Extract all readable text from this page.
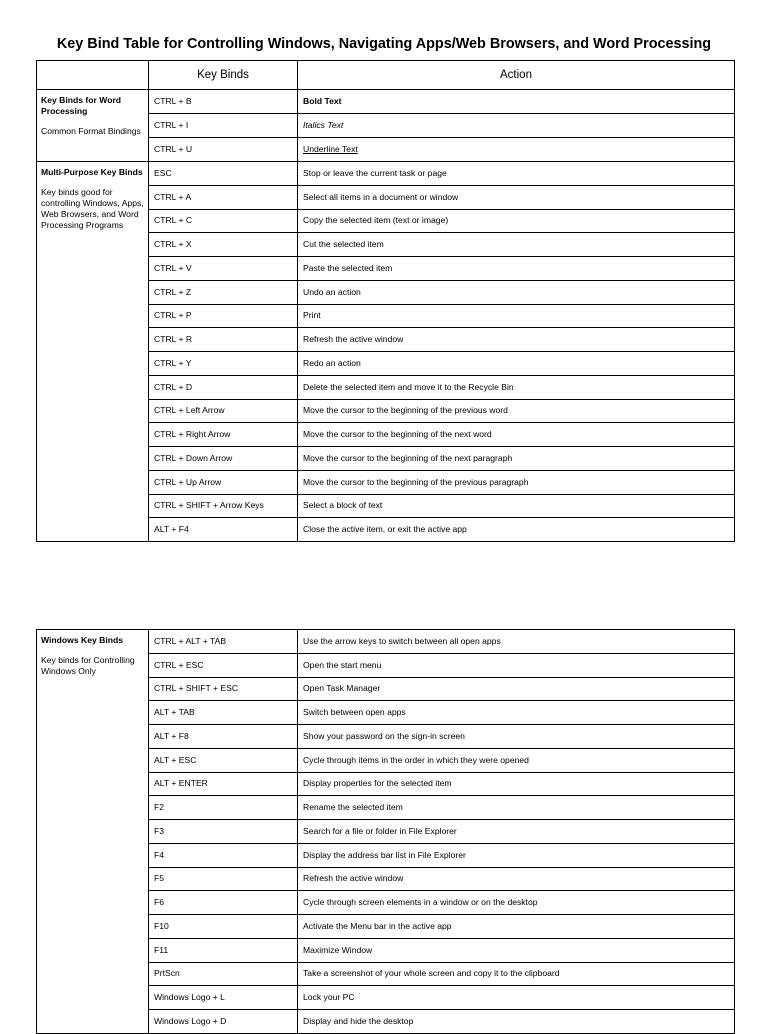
Key Bind Table for Controlling Windows, Navigating Apps/Web Browsers, and Word Processing
	Key Binds	Action

Key Binds for Word Processing
Common Format Bindings	CTRL + B	Bold Text
	CTRL + I	Italics Text
	CTRL + U	Underline Text

Multi-Purpose Key Binds
Key binds good for controlling Windows, Apps, Web Browsers, and Word Processing Programs	ESC	Stop or leave the current task or page
	CTRL + A	Select all items in a document or window
	CTRL + C	Copy the selected item (text or image)
	CTRL + X	Cut the selected item
	CTRL + V	Paste the selected item
	CTRL + Z	Undo an action
	CTRL + P	Print
	CTRL + R	Refresh the active window
	CTRL + Y	Redo an action
	CTRL + D	Delete the selected item and move it to the Recycle Bin
	CTRL + Left Arrow	Move the cursor to the beginning of the previous word
	CTRL + Right Arrow	Move the cursor to the beginning of the next word
	CTRL + Down Arrow	Move the cursor to the beginning of the next paragraph
	CTRL + Up Arrow	Move the cursor to the beginning of the previous paragraph
	CTRL + SHIFT + Arrow Keys	Select a block of text
	ALT + F4	Close the active item, or exit the active app
Windows Key Binds
Key binds for Controlling Windows Only	CTRL + ALT + TAB	Use the arrow keys to switch between all open apps
	CTRL + ESC	Open the start menu
	CTRL + SHIFT + ESC	Open Task Manager
	ALT + TAB	Switch between open apps
	ALT + F8	Show your password on the sign-in screen
	ALT + ESC	Cycle through items in the order in which they were opened
	ALT + ENTER	Display properties for the selected item
	F2	Rename the selected item
	F3	Search for a file or folder in File Explorer
	F4	Display the address bar list in File Explorer
	F5	Refresh the active window
	F6	Cycle through screen elements in a window or on the desktop
	F10	Activate the Menu bar in the active app
	F11	Maximize Window
	PrtScn	Take a screenshot of your whole screen and copy it to the clipboard
	Windows Logo + L	Lock your PC
	Windows Logo + D	Display and hide the desktop
